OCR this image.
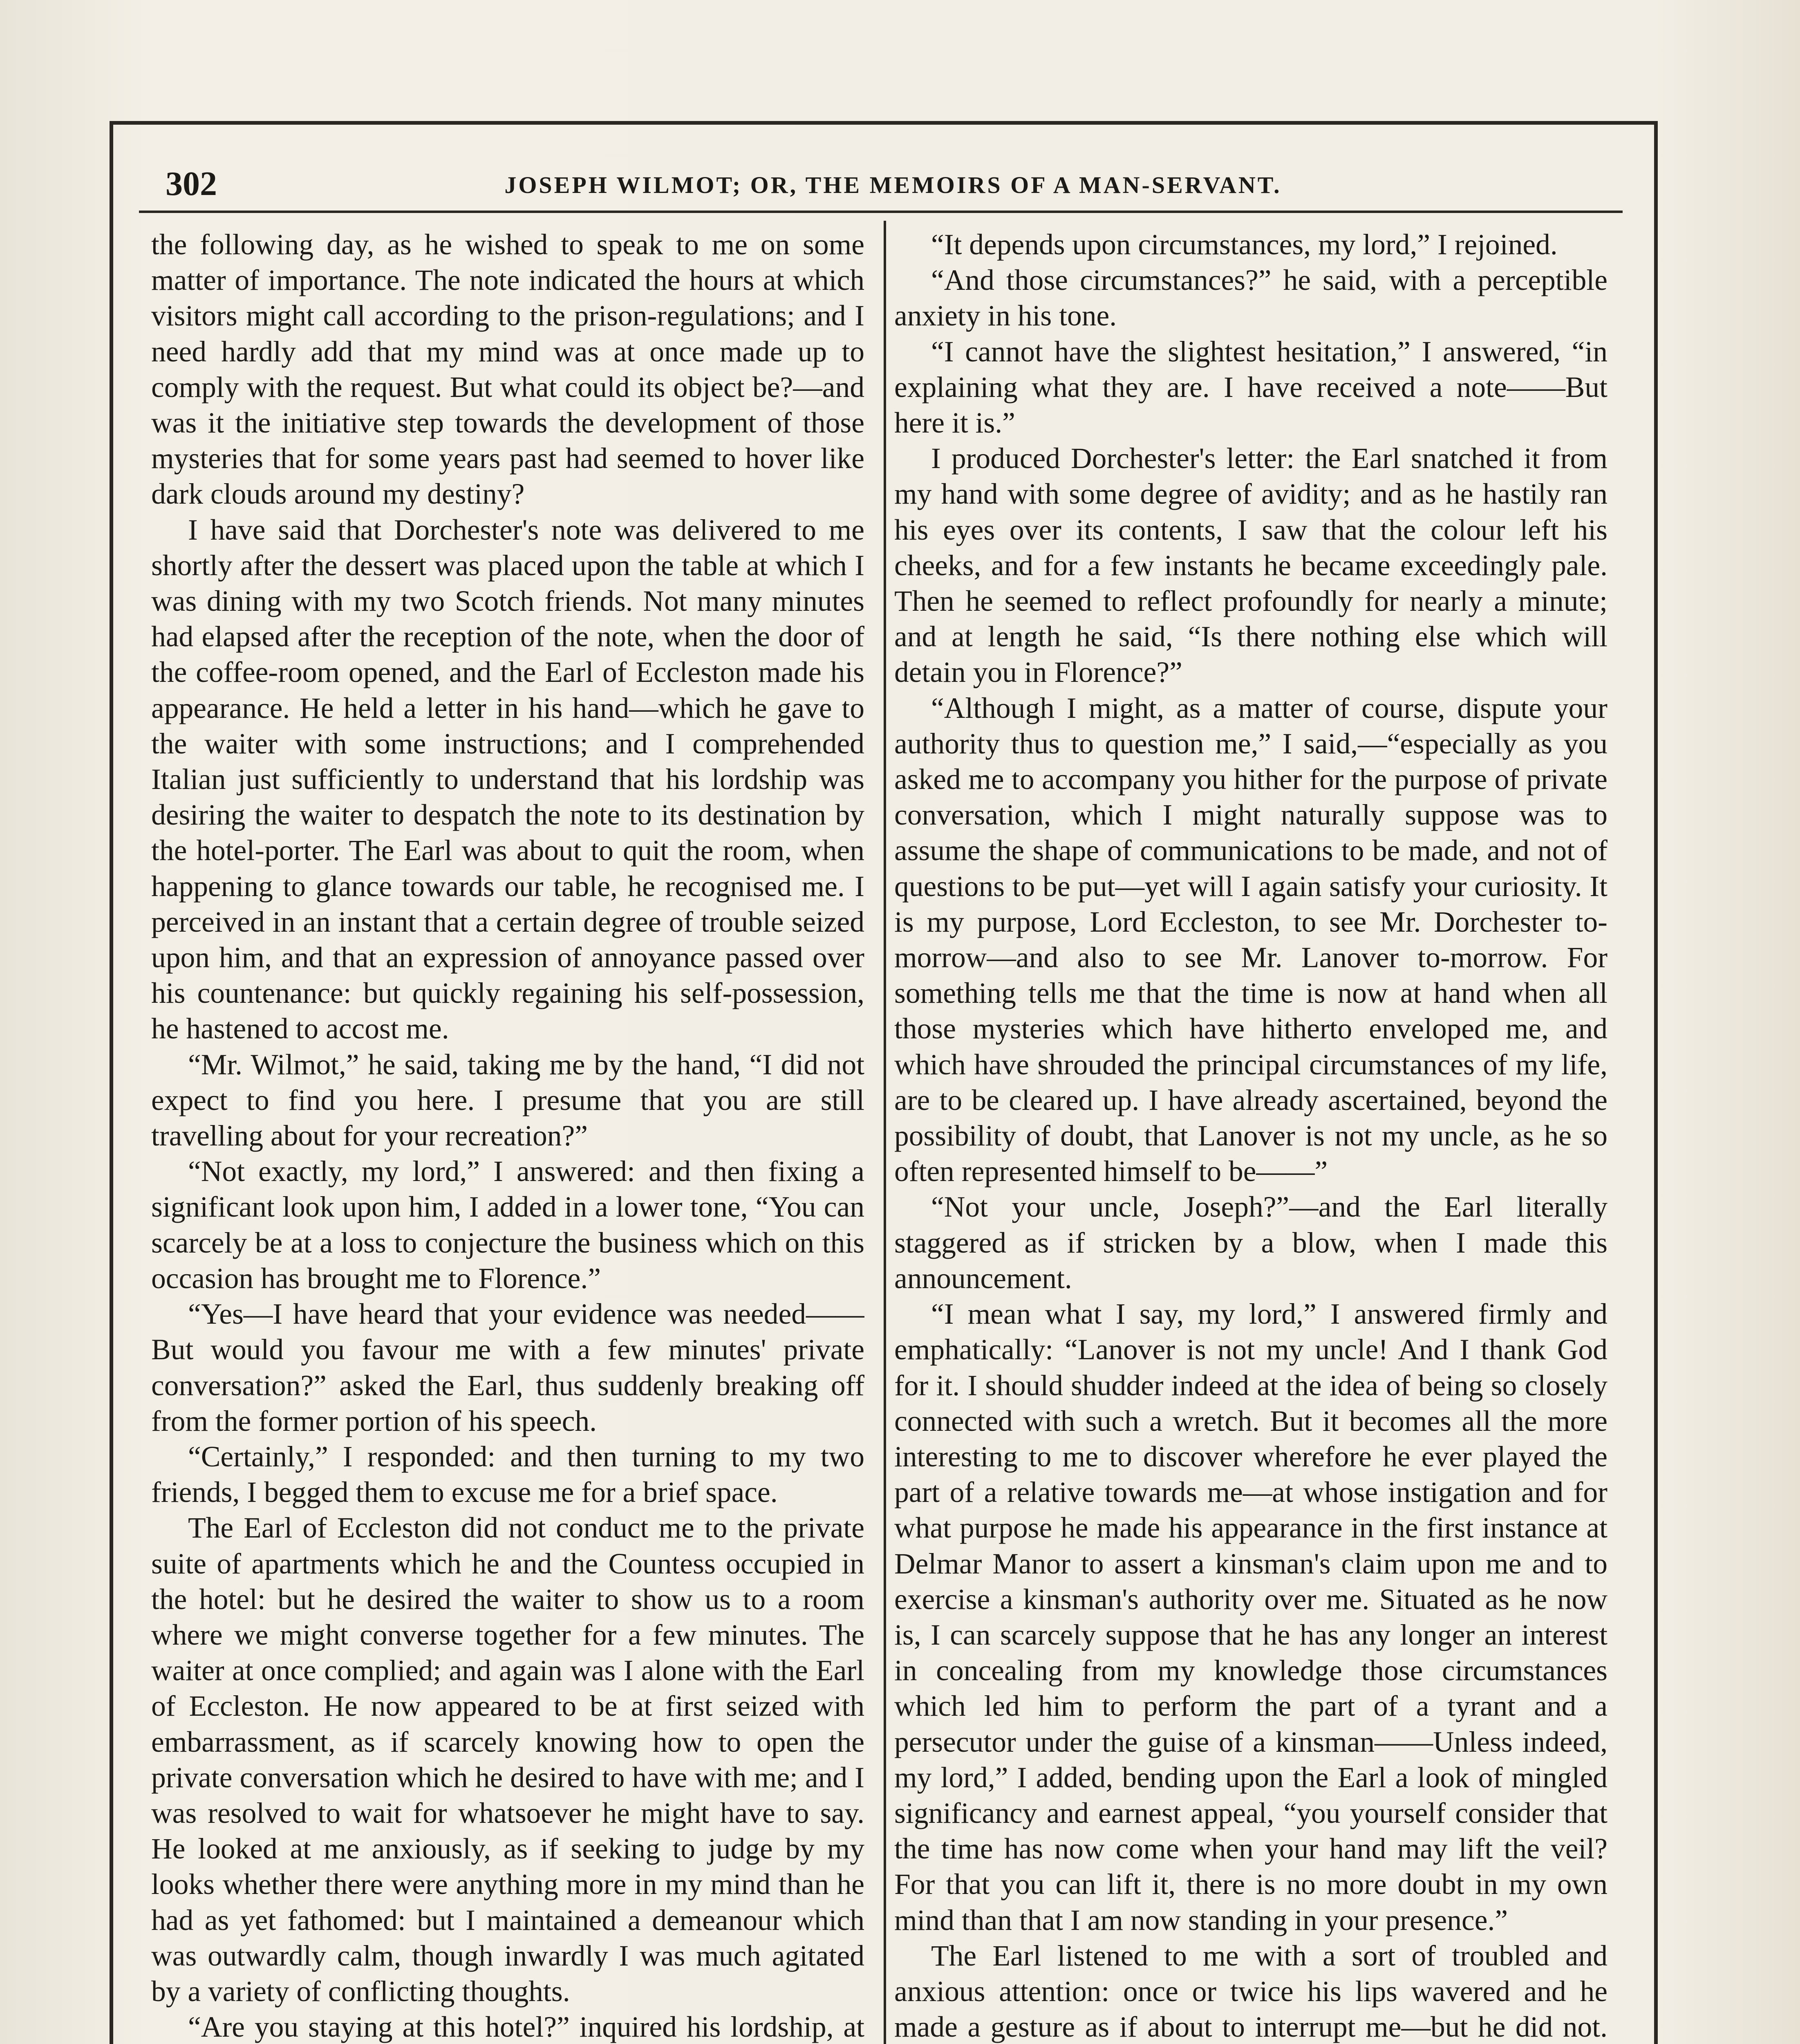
302	JOSEPH WILMOT; OR, THE MEMOIRS OF A MAN-SERVANT.

the following day, as he wished to speak to me on some matter of importance. The note indicated the hours at which visitors might call according to the prison-regulations; and I need hardly add that my mind was at once made up to comply with the request. But what could its object be?—and was it the initiative step towards the development of those mysteries that for some years past had seemed to hover like dark clouds around my destiny?

I have said that Dorchester's note was delivered to me shortly after the dessert was placed upon the table at which I was dining with my two Scotch friends. Not many minutes had elapsed after the reception of the note, when the door of the coffee-room opened, and the Earl of Eccleston made his appearance. He held a letter in his hand—which he gave to the waiter with some instructions; and I comprehended Italian just sufficiently to understand that his lordship was desiring the waiter to despatch the note to its destination by the hotel-porter. The Earl was about to quit the room, when happening to glance towards our table, he recognised me. I perceived in an instant that a certain degree of trouble seized upon him, and that an expression of annoyance passed over his countenance: but quickly regaining his self-possession, he hastened to accost me.

“Mr. Wilmot,” he said, taking me by the hand, “I did not expect to find you here. I presume that you are still travelling about for your recreation?”

“Not exactly, my lord,” I answered: and then fixing a significant look upon him, I added in a lower tone, “You can scarcely be at a loss to conjecture the business which on this occasion has brought me to Florence.”

“Yes—I have heard that your evidence was needed——But would you favour me with a few minutes' private conversation?” asked the Earl, thus suddenly breaking off from the former portion of his speech.

“Certainly,” I responded: and then turning to my two friends, I begged them to excuse me for a brief space.

The Earl of Eccleston did not conduct me to the private suite of apartments which he and the Countess occupied in the hotel: but he desired the waiter to show us to a room where we might converse together for a few minutes. The waiter at once complied; and again was I alone with the Earl of Eccleston. He now appeared to be at first seized with embarrassment, as if scarcely knowing how to open the private conversation which he desired to have with me; and I was resolved to wait for whatsoever he might have to say. He looked at me anxiously, as if seeking to judge by my looks whether there were anything more in my mind than he had as yet fathomed: but I maintained a demeanour which was outwardly calm, though inwardly I was much agitated by a variety of conflicting thoughts.

“Are you staying at this hotel?” inquired his lordship, at

“It depends upon circumstances, my lord,” I rejoined.

“And those circumstances?” he said, with a perceptible anxiety in his tone.

“I cannot have the slightest hesitation,” I answered, “in explaining what they are. I have received a note——But here it is.”

I produced Dorchester's letter: the Earl snatched it from my hand with some degree of avidity; and as he hastily ran his eyes over its contents, I saw that the colour left his cheeks, and for a few instants he became exceedingly pale. Then he seemed to reflect profoundly for nearly a minute; and at length he said, “Is there nothing else which will detain you in Florence?”

“Although I might, as a matter of course, dispute your authority thus to question me,” I said,—“especially as you asked me to accompany you hither for the purpose of private conversation, which I might naturally suppose was to assume the shape of communications to be made, and not of questions to be put—yet will I again satisfy your curiosity. It is my purpose, Lord Eccleston, to see Mr. Dorchester to-morrow—and also to see Mr. Lanover to-morrow. For something tells me that the time is now at hand when all those mysteries which have hitherto enveloped me, and which have shrouded the principal circumstances of my life, are to be cleared up. I have already ascertained, beyond the possibility of doubt, that Lanover is not my uncle, as he so often represented himself to be——”

“Not your uncle, Joseph?”—and the Earl literally staggered as if stricken by a blow, when I made this announcement.

“I mean what I say, my lord,” I answered firmly and emphatically: “Lanover is not my uncle! And I thank God for it. I should shudder indeed at the idea of being so closely connected with such a wretch. But it becomes all the more interesting to me to discover wherefore he ever played the part of a relative towards me—at whose instigation and for what purpose he made his appearance in the first instance at Delmar Manor to assert a kinsman's claim upon me and to exercise a kinsman's authority over me. Situated as he now is, I can scarcely suppose that he has any longer an interest in concealing from my knowledge those circumstances which led him to perform the part of a tyrant and a persecutor under the guise of a kinsman——Unless indeed, my lord,” I added, bending upon the Earl a look of mingled significancy and earnest appeal, “you yourself consider that the time has now come when your hand may lift the veil? For that you can lift it, there is no more doubt in my own mind than that I am now standing in your presence.”

The Earl listened to me with a sort of troubled and anxious attention: once or twice his lips wavered and he made a gesture as if about to interrupt me—but he did not.
